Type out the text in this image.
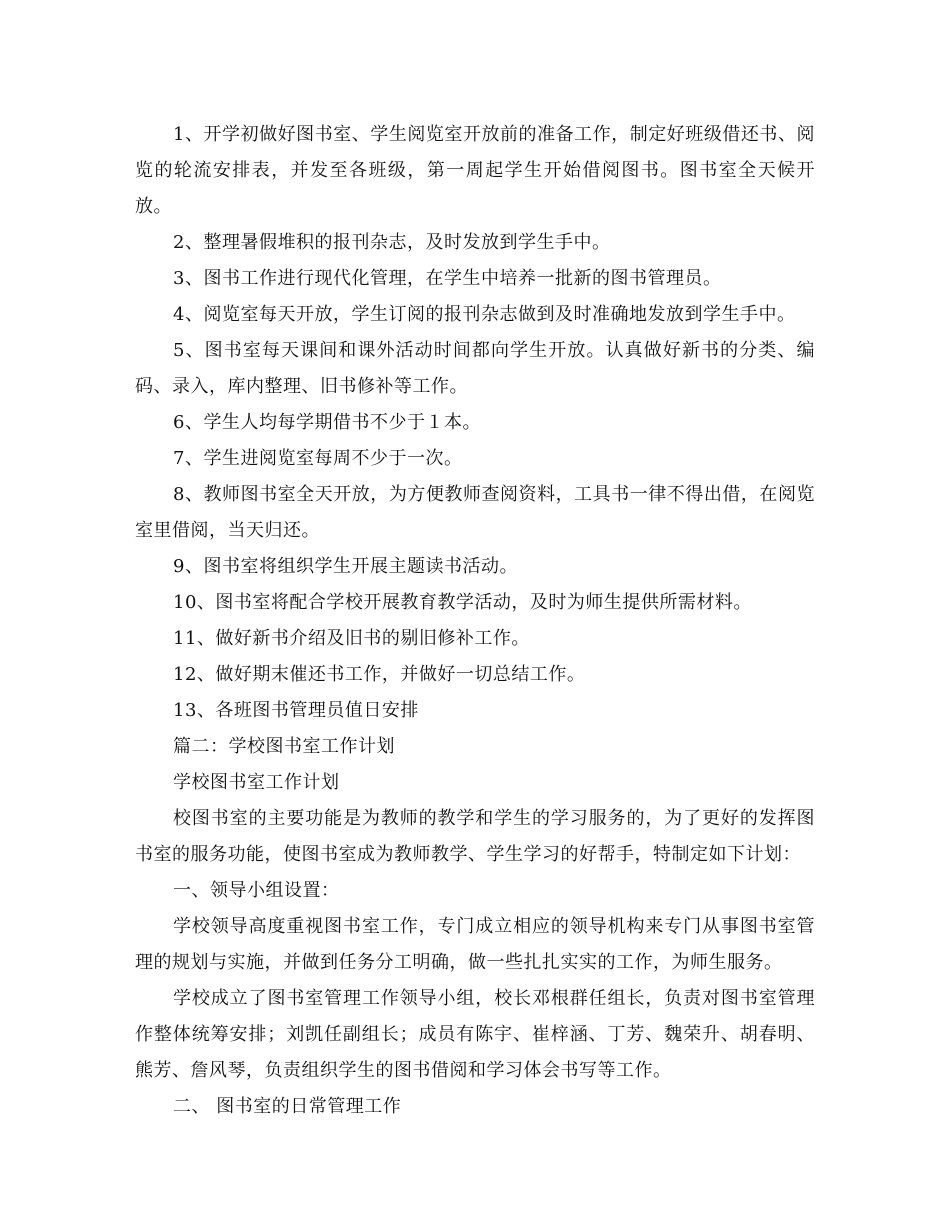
1、开学初做好图书室、学生阅览室开放前的准备工作，制定好班级借还书、阅览的轮流安排表，并发至各班级，第一周起学生开始借阅图书。图书室全天候开放。

2、整理暑假堆积的报刊杂志，及时发放到学生手中。

3、图书工作进行现代化管理，在学生中培养一批新的图书管理员。

4、阅览室每天开放，学生订阅的报刊杂志做到及时准确地发放到学生手中。

5、图书室每天课间和课外活动时间都向学生开放。认真做好新书的分类、编码、录入，库内整理、旧书修补等工作。

6、学生人均每学期借书不少于１本。

7、学生进阅览室每周不少于一次。

8、教师图书室全天开放，为方便教师查阅资料，工具书一律不得出借，在阅览室里借阅，当天归还。

9、图书室将组织学生开展主题读书活动。

10、图书室将配合学校开展教育教学活动，及时为师生提供所需材料。

11、做好新书介绍及旧书的剔旧修补工作。

12、做好期末催还书工作，并做好一切总结工作。

13、各班图书管理员值日安排

篇二：学校图书室工作计划

学校图书室工作计划

校图书室的主要功能是为教师的教学和学生的学习服务的，为了更好的发挥图书室的服务功能，使图书室成为教师教学、学生学习的好帮手，特制定如下计划：

一、领导小组设置：

学校领导高度重视图书室工作，专门成立相应的领导机构来专门从事图书室管理的规划与实施，并做到任务分工明确，做一些扎扎实实的工作，为师生服务。

学校成立了图书室管理工作领导小组，校长邓根群任组长，负责对图书室管理作整体统筹安排；刘凯任副组长；成员有陈宇、崔梓涵、丁芳、魏荣升、胡春明、熊芳、詹风琴，负责组织学生的图书借阅和学习体会书写等工作。

二、 图书室的日常管理工作
